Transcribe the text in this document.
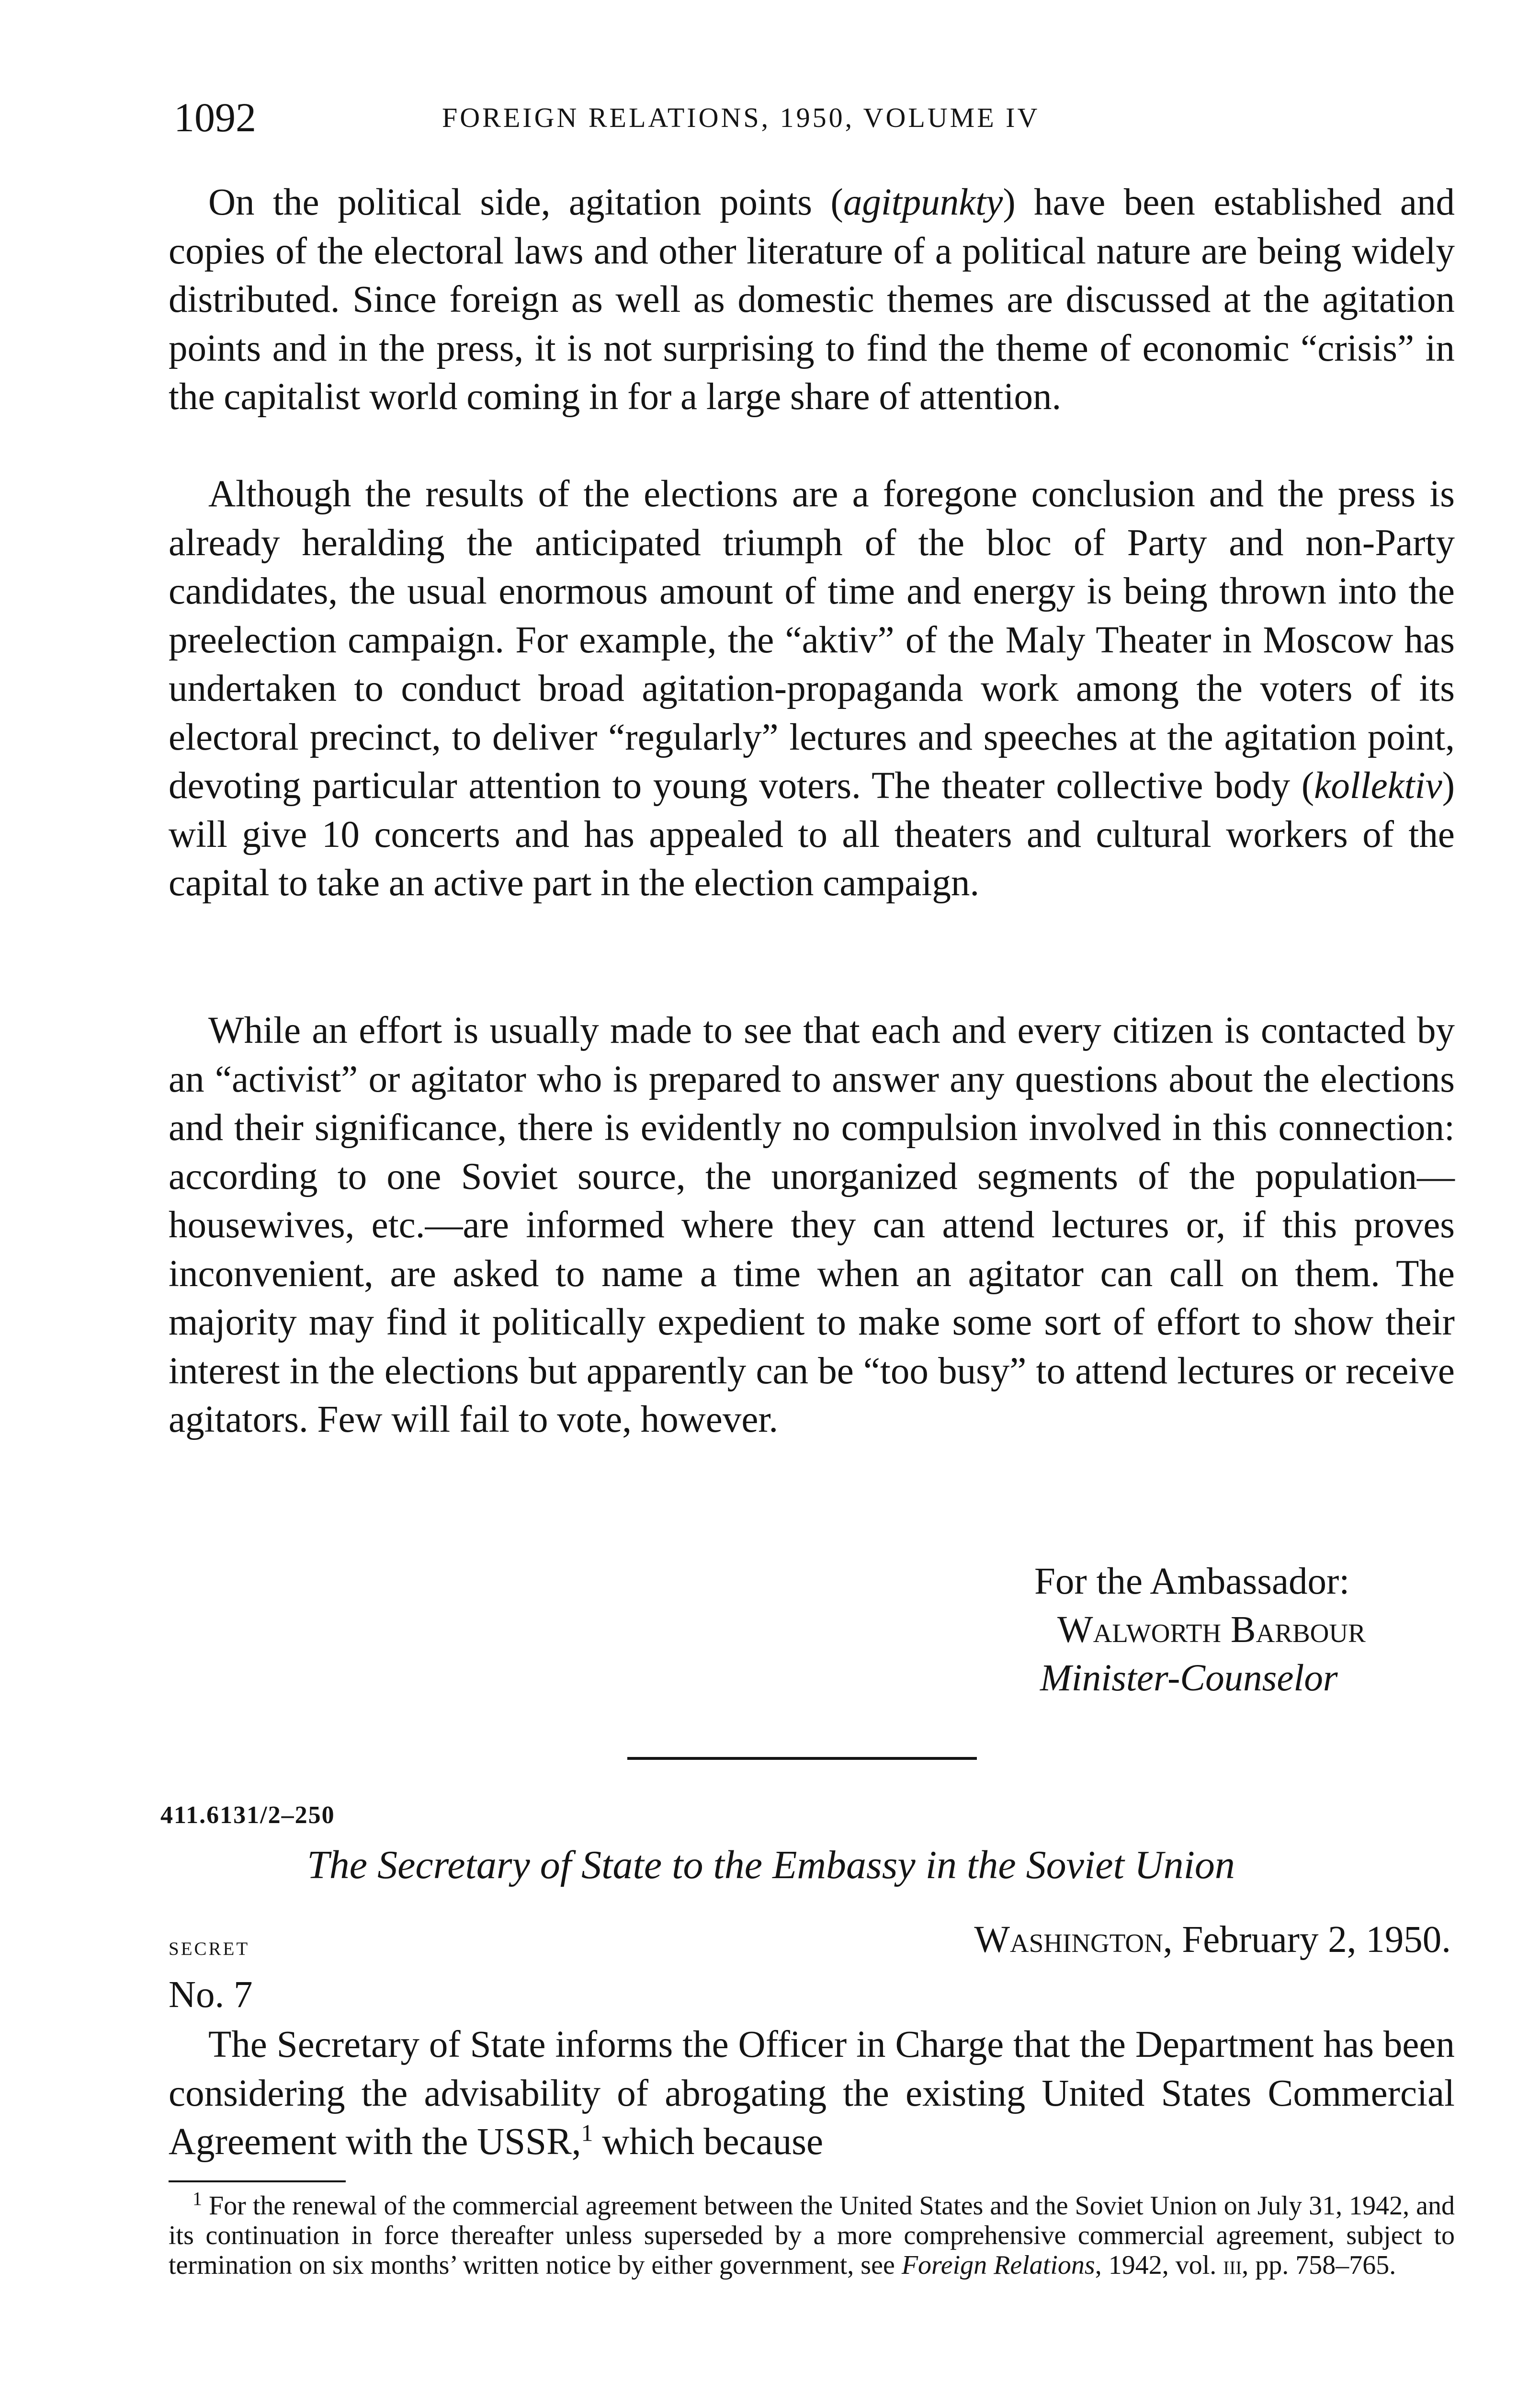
1092	FOREIGN RELATIONS, 1950, VOLUME IV

On the political side, agitation points (agitpunkty) have been established and copies of the electoral laws and other literature of a political nature are being widely distributed. Since foreign as well as domestic themes are discussed at the agitation points and in the press, it is not surprising to find the theme of economic “crisis” in the capitalist world coming in for a large share of attention.

Although the results of the elections are a foregone conclusion and the press is already heralding the anticipated triumph of the bloc of Party and non-Party candidates, the usual enormous amount of time and energy is being thrown into the preelection campaign. For example, the “aktiv” of the Maly Theater in Moscow has undertaken to conduct broad agitation-propaganda work among the voters of its electoral precinct, to deliver “regularly” lectures and speeches at the agitation point, devoting particular attention to young voters. The theater collective body (kollektiv) will give 10 concerts and has appealed to all theaters and cultural workers of the capital to take an active part in the election campaign.

While an effort is usually made to see that each and every citizen is contacted by an “activist” or agitator who is prepared to answer any questions about the elections and their significance, there is evidently no compulsion involved in this connection: according to one Soviet source, the unorganized segments of the population—housewives, etc.—are informed where they can attend lectures or, if this proves inconvenient, are asked to name a time when an agitator can call on them. The majority may find it politically expedient to make some sort of effort to show their interest in the elections but apparently can be “too busy” to attend lectures or receive agitators. Few will fail to vote, however.

For the Ambassador:
Walworth Barbour
Minister-Counselor
411.6131/2–250
The Secretary of State to the Embassy in the Soviet Union
secret	Washington, February 2, 1950.
No. 7

The Secretary of State informs the Officer in Charge that the Department has been considering the advisability of abrogating the existing United States Commercial Agreement with the USSR,$^1$ which because

$^1$ For the renewal of the commercial agreement between the United States and the Soviet Union on July 31, 1942, and its continuation in force thereafter unless superseded by a more comprehensive commercial agreement, subject to termination on six months’ written notice by either government, see Foreign Relations, 1942, vol. iii, pp. 758–765.
